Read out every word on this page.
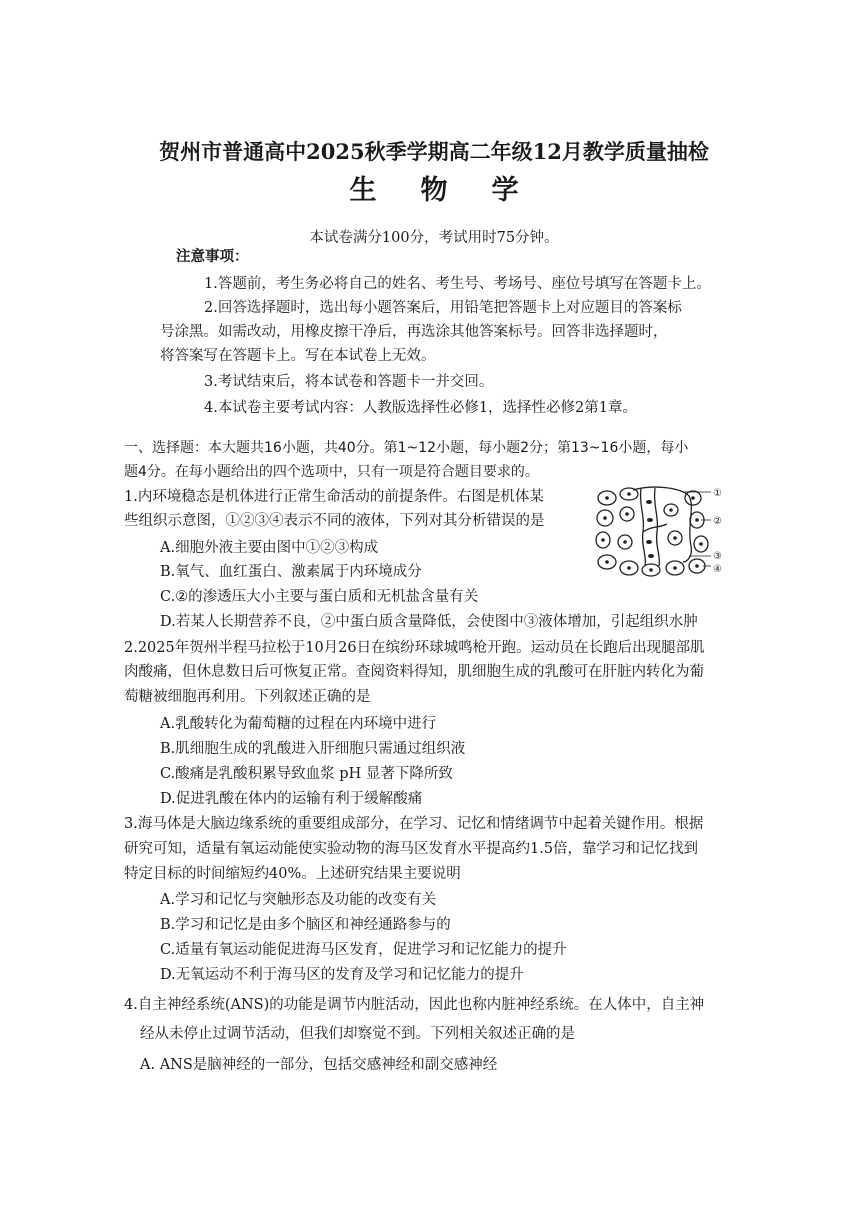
贺州市普通高中2025秋季学期高二年级12月教学质量抽检
生物学
本试卷满分100分，考试用时75分钟。
注意事项：
1.答题前，考生务必将自己的姓名、考生号、考场号、座位号填写在答题卡上。
2.回答选择题时，选出每小题答案后，用铅笔把答题卡上对应题目的答案标
号涂黑。如需改动，用橡皮擦干净后，再选涂其他答案标号。回答非选择题时，
将答案写在答题卡上。写在本试卷上无效。
3.考试结束后，将本试卷和答题卡一并交回。
4.本试卷主要考试内容：人教版选择性必修1，选择性必修2第1章。
一、选择题：本大题共16小题，共40分。第1~12小题，每小题2分；第13~16小题，每小
题4分。在每小题给出的四个选项中，只有一项是符合题目要求的。
1.内环境稳态是机体进行正常生命活动的前提条件。右图是机体某
些组织示意图，①②③④表示不同的液体，下列对其分析错误的是
A.细胞外液主要由图中①②③构成
B.氧气、血红蛋白、激素属于内环境成分
C.②的渗透压大小主要与蛋白质和无机盐含量有关
D.若某人长期营养不良，②中蛋白质含量降低，会使图中③液体增加，引起组织水肿
①
②
③
④
2.2025年贺州半程马拉松于10月26日在缤纷环球城鸣枪开跑。运动员在长跑后出现腿部肌
肉酸痛，但休息数日后可恢复正常。查阅资料得知，肌细胞生成的乳酸可在肝脏内转化为葡
萄糖被细胞再利用。下列叙述正确的是
A.乳酸转化为葡萄糖的过程在内环境中进行
B.肌细胞生成的乳酸进入肝细胞只需通过组织液
C.酸痛是乳酸积累导致血浆 pH 显著下降所致
D.促进乳酸在体内的运输有利于缓解酸痛
3.海马体是大脑边缘系统的重要组成部分，在学习、记忆和情绪调节中起着关键作用。根据
研究可知，适量有氧运动能使实验动物的海马区发育水平提高约1.5倍，靠学习和记忆找到
特定目标的时间缩短约40%。上述研究结果主要说明
A.学习和记忆与突触形态及功能的改变有关
B.学习和记忆是由多个脑区和神经通路参与的
C.适量有氧运动能促进海马区发育，促进学习和记忆能力的提升
D.无氧运动不利于海马区的发育及学习和记忆能力的提升
4.自主神经系统(ANS)的功能是调节内脏活动，因此也称内脏神经系统。在人体中，自主神
经从未停止过调节活动，但我们却察觉不到。下列相关叙述正确的是
A. ANS是脑神经的一部分，包括交感神经和副交感神经
